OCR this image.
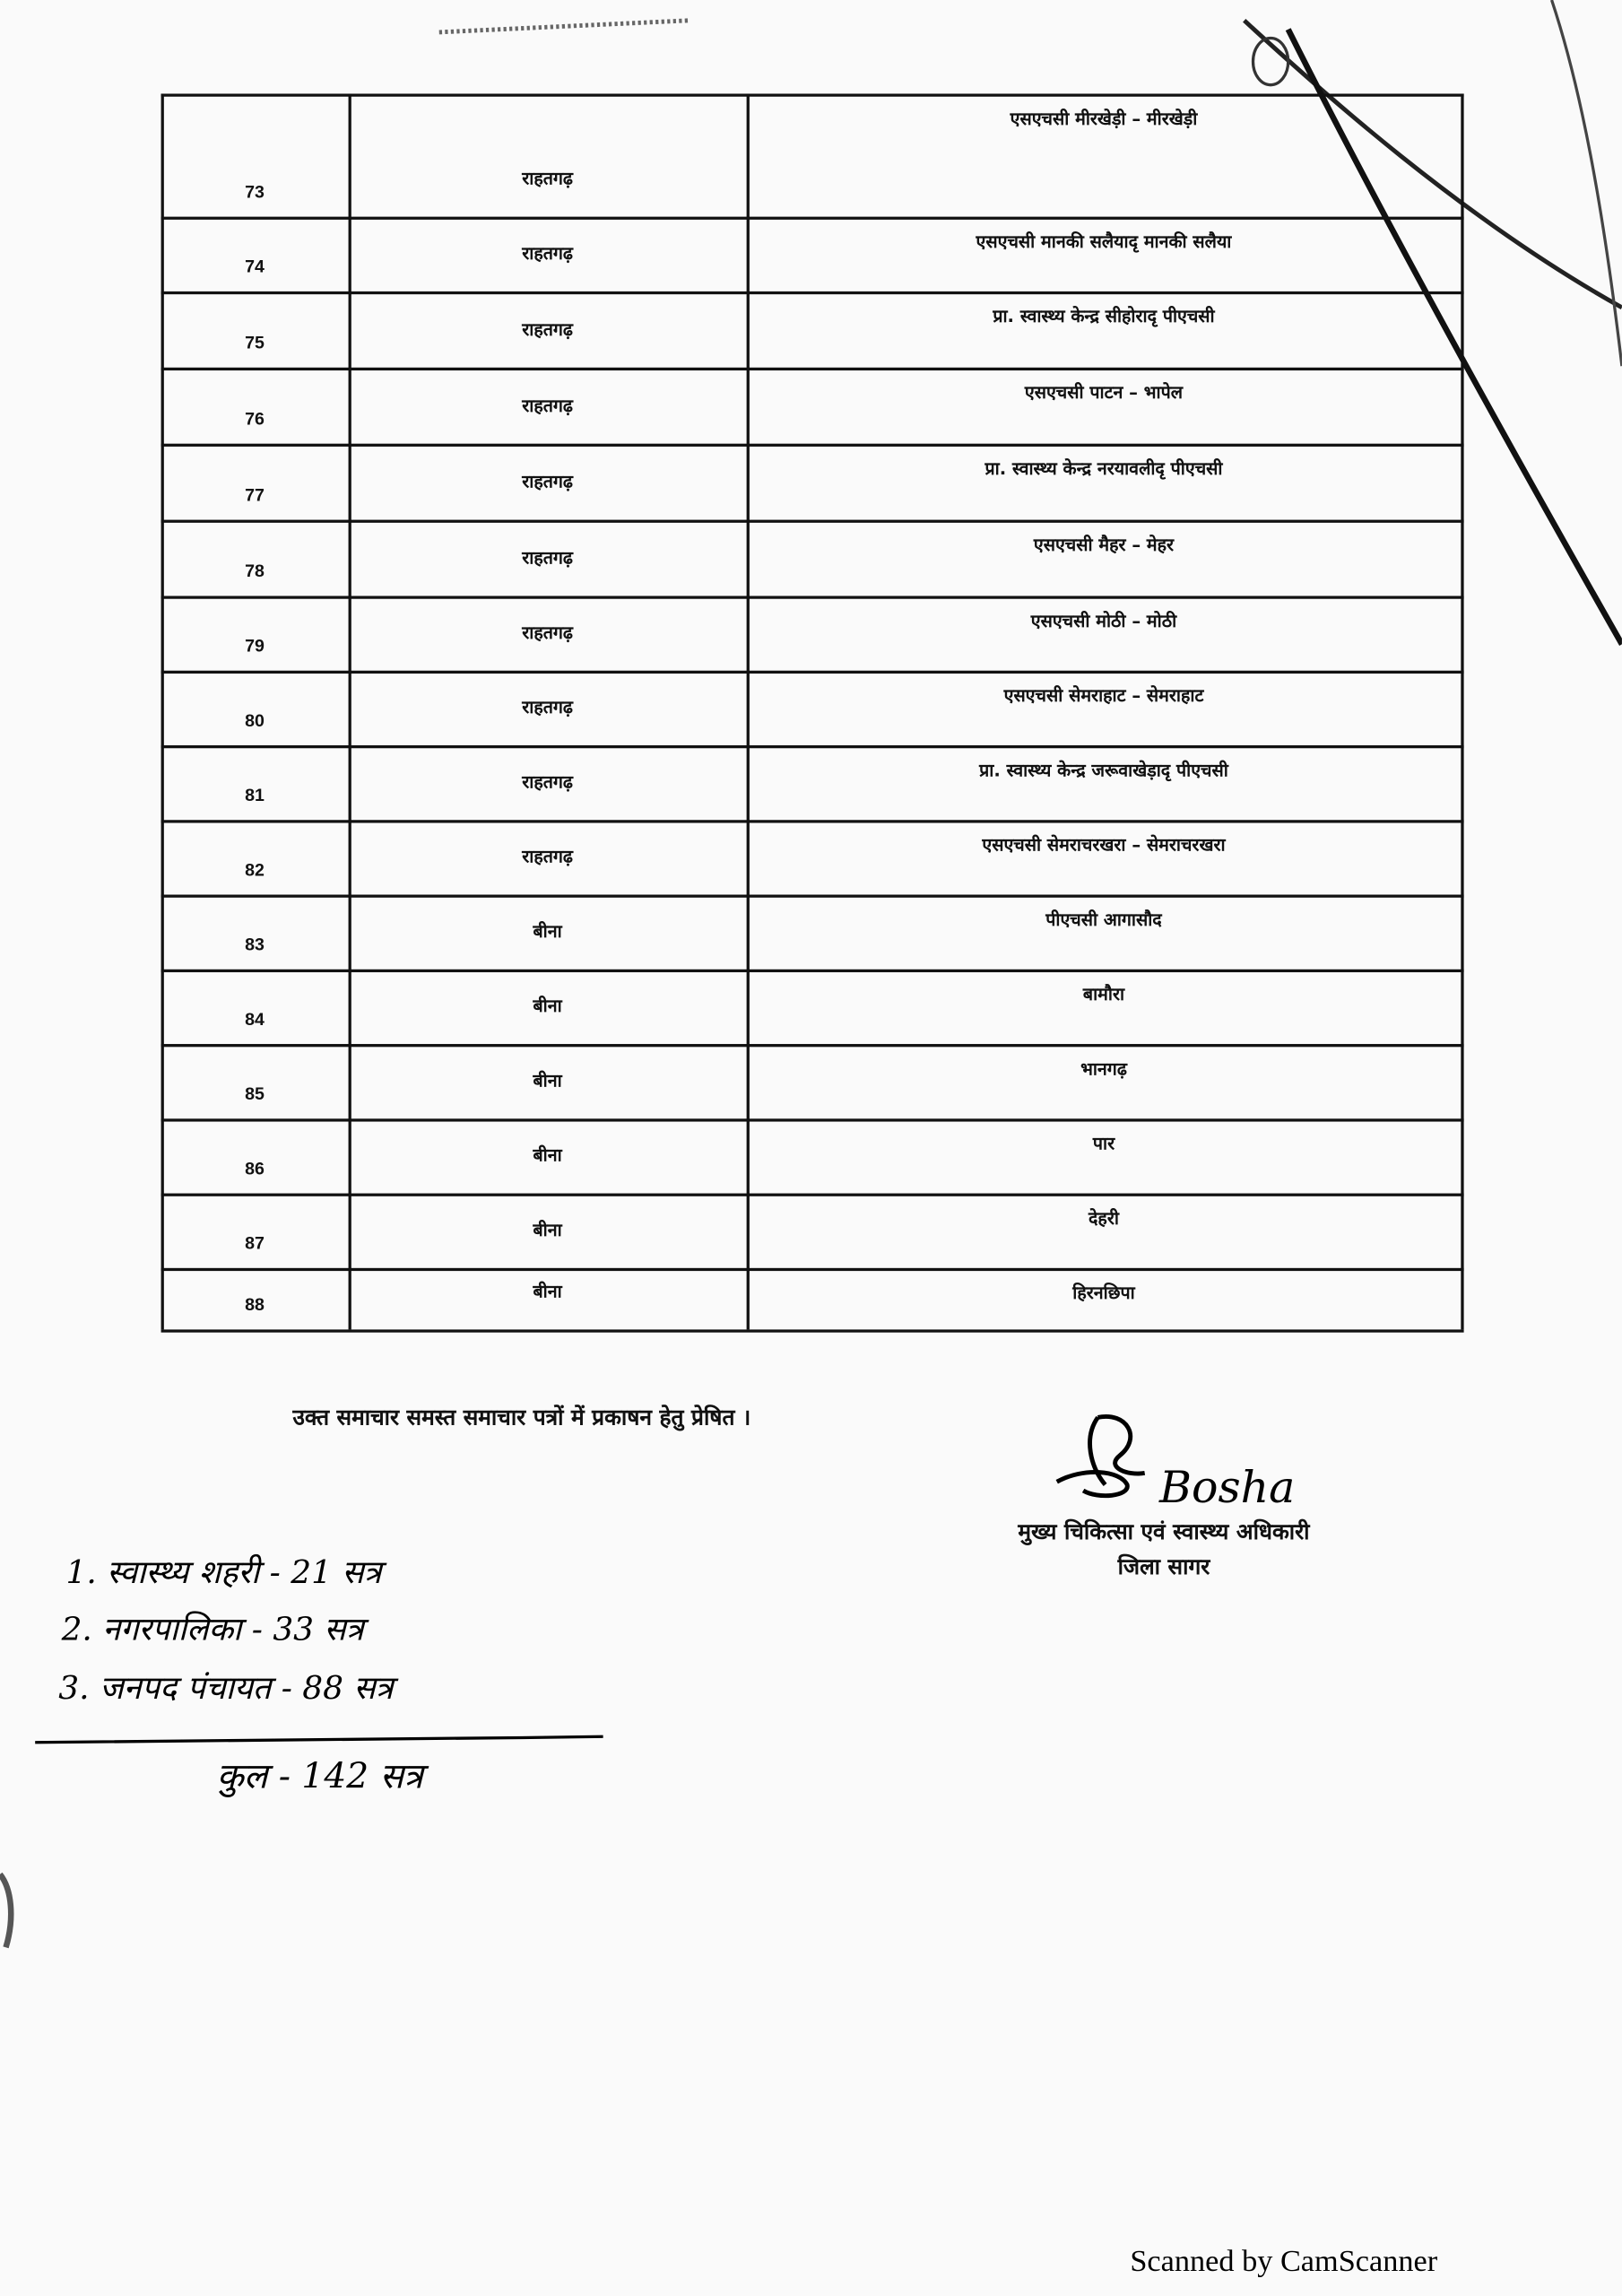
73
राहतगढ़
एसएचसी मीरखेड़ी – मीरखेड़ी
74
राहतगढ़
एसएचसी मानकी सलैयादृ मानकी सलैया
75
राहतगढ़
प्रा. स्वास्थ्य केन्द्र सीहोरादृ पीएचसी
76
राहतगढ़
एसएचसी पाटन – भापेल
77
राहतगढ़
प्रा. स्वास्थ्य केन्द्र नरयावलीदृ पीएचसी
78
राहतगढ़
एसएचसी मैहर – मेहर
79
राहतगढ़
एसएचसी मोठी – मोठी
80
राहतगढ़
एसएचसी सेमराहाट – सेमराहाट
81
राहतगढ़
प्रा. स्वास्थ्य केन्द्र जरूवाखेड़ादृ पीएचसी
82
राहतगढ़
एसएचसी सेमराचरखरा – सेमराचरखरा
83
बीना
पीएचसी आगासौद
84
बीना
बामौरा
85
बीना
भानगढ़
86
बीना
पार
87
बीना
देहरी
88
बीना	हिरनछिपा
उक्त समाचार समस्त समाचार पत्रों में प्रकाषन हेतु प्रेषित ।
Bosha
मुख्य चिकित्सा एवं स्वास्थ्य अधिकारी
जिला सागर
1. स्वास्थ्य शहरी - 21 सत्र
2. नगरपालिका - 33 सत्र
3. जनपद पंचायत - 88 सत्र
कुल - 142 सत्र
Scanned by CamScanner
